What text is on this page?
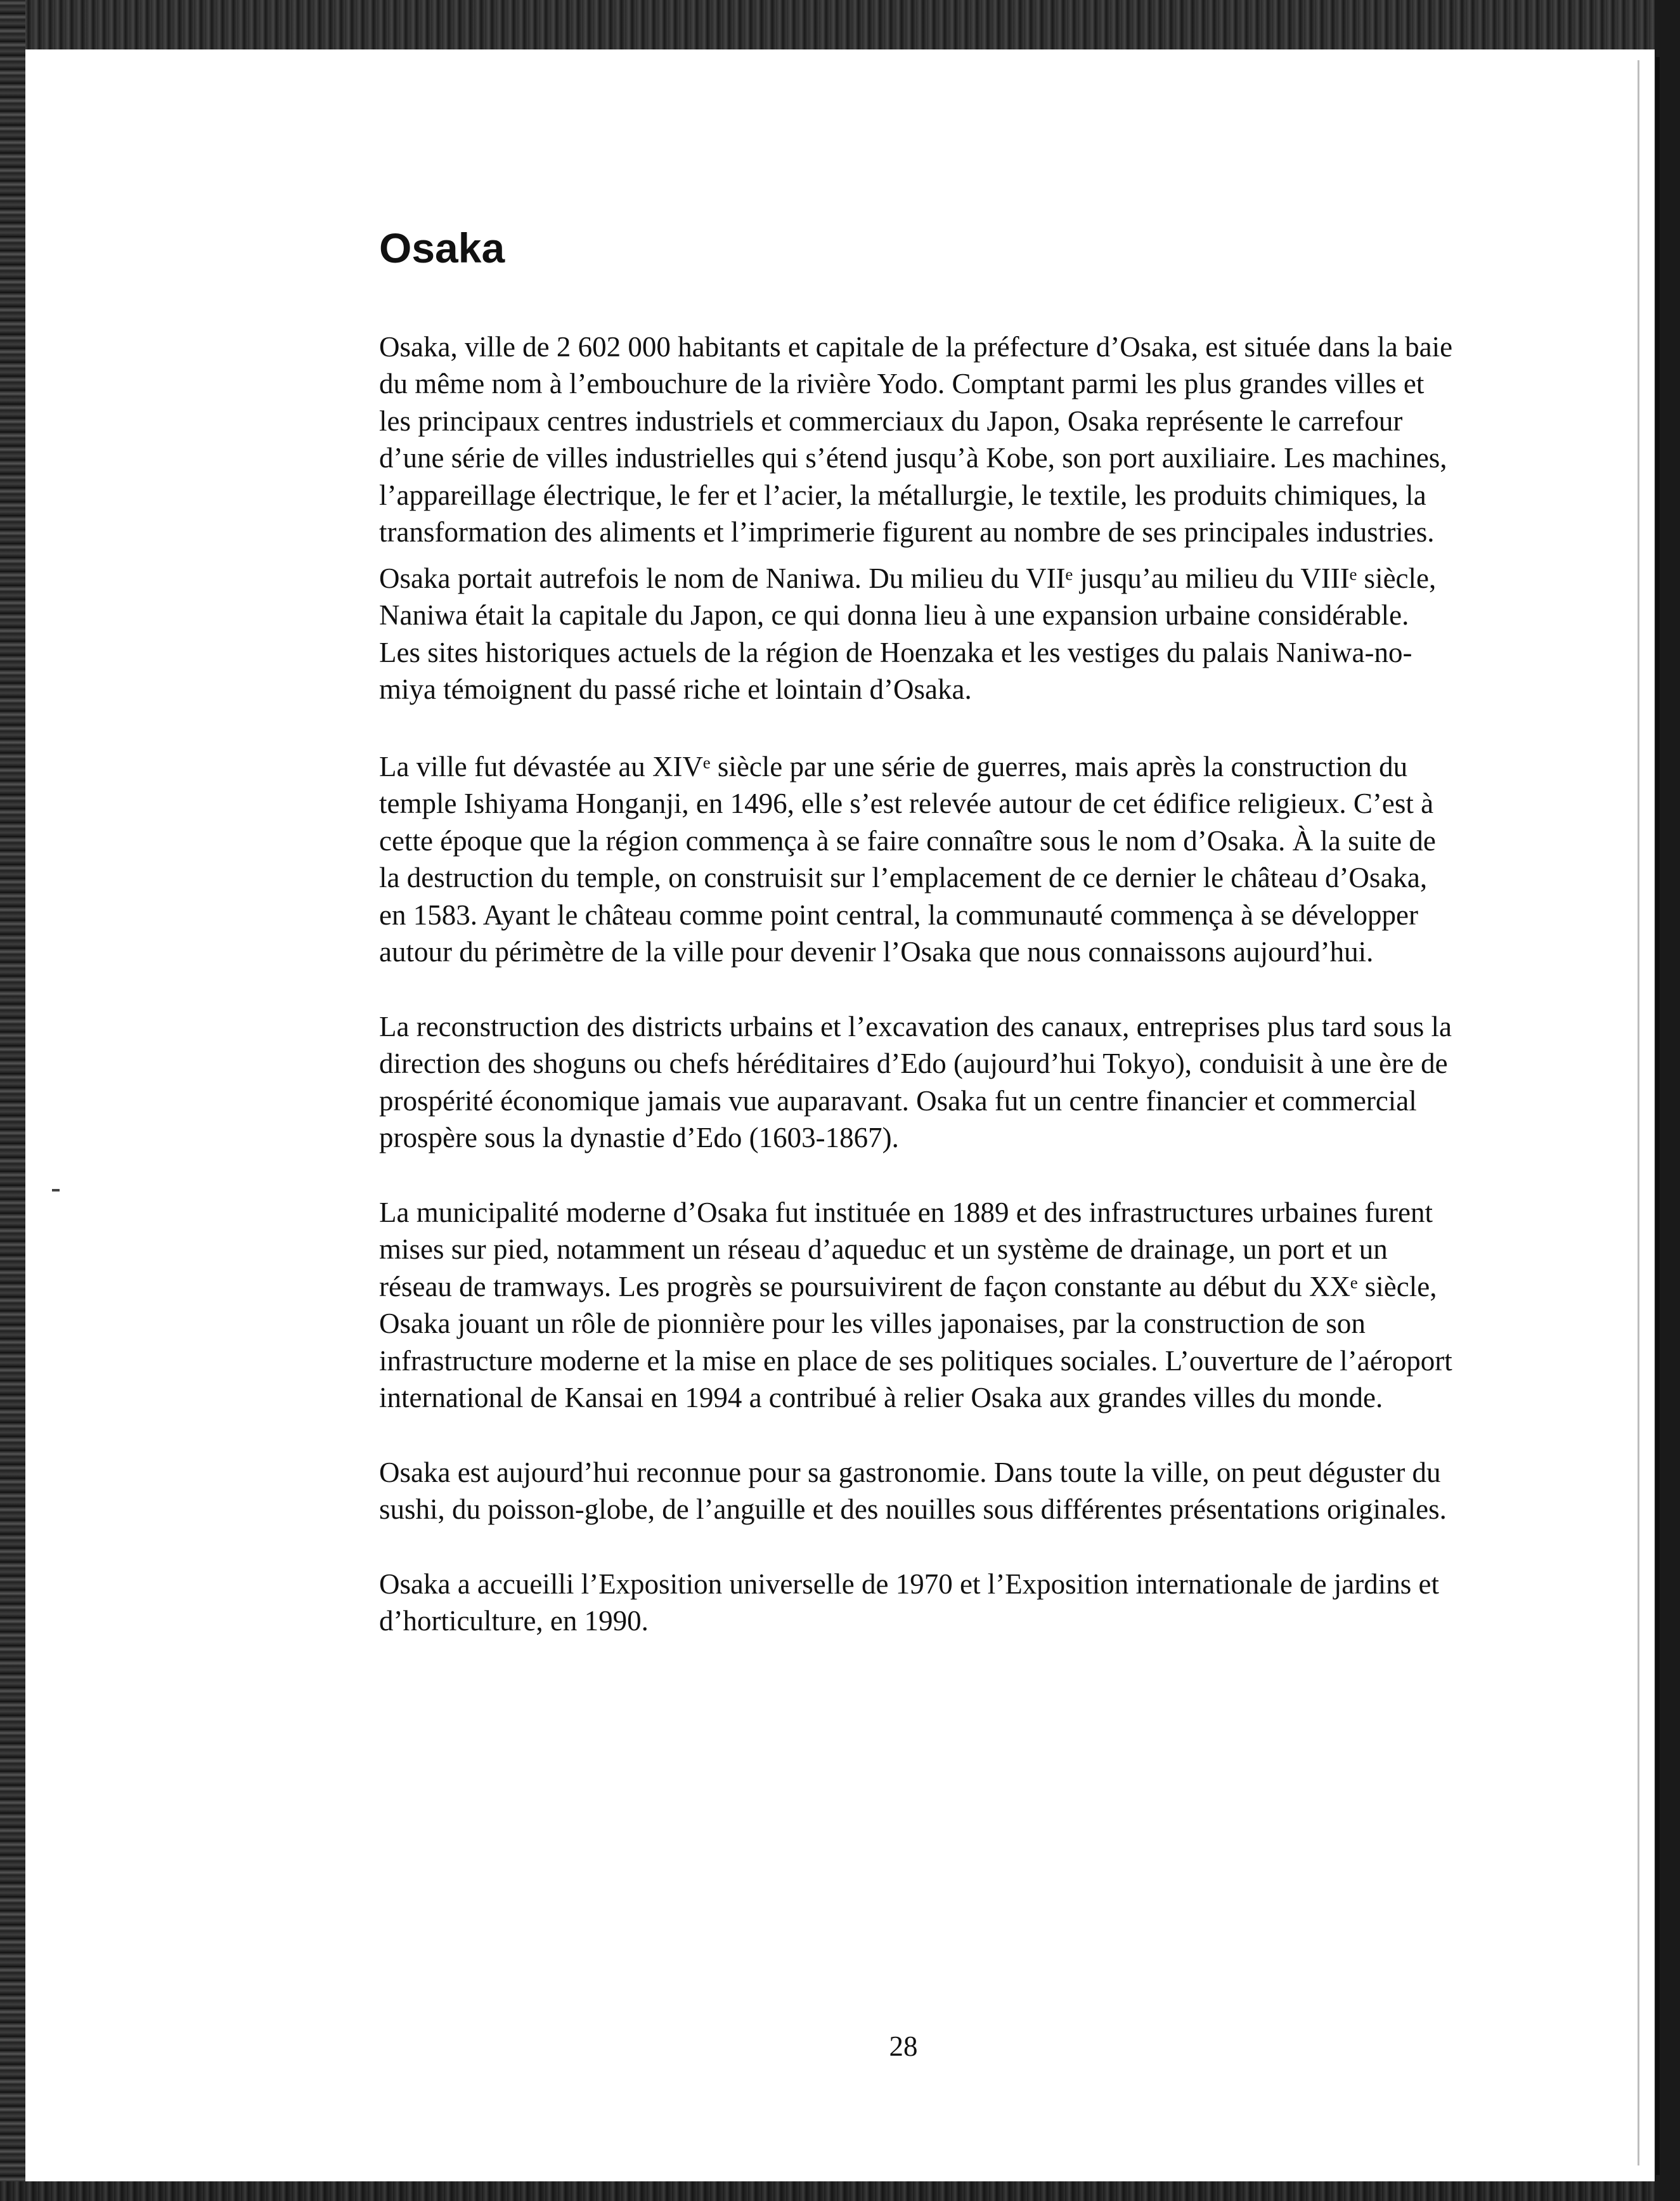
Osaka

Osaka, ville de 2 602 000 habitants et capitale de la préfecture d’Osaka, est située dans la baie du même nom à l’embouchure de la rivière Yodo. Comptant parmi les plus grandes villes et les principaux centres industriels et commerciaux du Japon, Osaka représente le carrefour d’une série de villes industrielles qui s’étend jusqu’à Kobe, son port auxiliaire. Les machines, l’appareillage électrique, le fer et l’acier, la métallurgie, le textile, les produits chimiques, la transformation des aliments et l’imprimerie figurent au nombre de ses principales industries.

Osaka portait autrefois le nom de Naniwa. Du milieu du VIIᵉ jusqu’au milieu du VIIIᵉ siècle, Naniwa était la capitale du Japon, ce qui donna lieu à une expansion urbaine considérable. Les sites historiques actuels de la région de Hoenzaka et les vestiges du palais Naniwa-no-miya témoignent du passé riche et lointain d’Osaka.

La ville fut dévastée au XIVᵉ siècle par une série de guerres, mais après la construction du temple Ishiyama Honganji, en 1496, elle s’est relevée autour de cet édifice religieux. C’est à cette époque que la région commença à se faire connaître sous le nom d’Osaka. À la suite de la destruction du temple, on construisit sur l’emplacement de ce dernier le château d’Osaka, en 1583. Ayant le château comme point central, la communauté commença à se développer autour du périmètre de la ville pour devenir l’Osaka que nous connaissons aujourd’hui.

La reconstruction des districts urbains et l’excavation des canaux, entreprises plus tard sous la direction des shoguns ou chefs héréditaires d’Edo (aujourd’hui Tokyo), conduisit à une ère de prospérité économique jamais vue auparavant. Osaka fut un centre financier et commercial prospère sous la dynastie d’Edo (1603-1867).

La municipalité moderne d’Osaka fut instituée en 1889 et des infrastructures urbaines furent mises sur pied, notamment un réseau d’aqueduc et un système de drainage, un port et un réseau de tramways. Les progrès se poursuivirent de façon constante au début du XXᵉ siècle, Osaka jouant un rôle de pionnière pour les villes japonaises, par la construction de son infrastructure moderne et la mise en place de ses politiques sociales. L’ouverture de l’aéroport international de Kansai en 1994 a contribué à relier Osaka aux grandes villes du monde.

Osaka est aujourd’hui reconnue pour sa gastronomie. Dans toute la ville, on peut déguster du sushi, du poisson-globe, de l’anguille et des nouilles sous différentes présentations originales.

Osaka a accueilli l’Exposition universelle de 1970 et l’Exposition internationale de jardins et d’horticulture, en 1990.

28
